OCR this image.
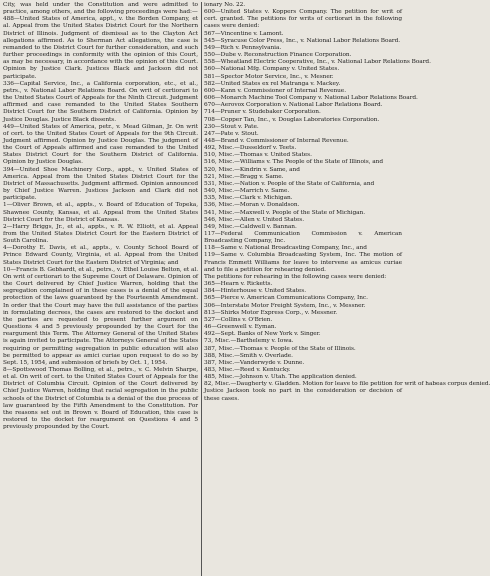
City, was held under the Constitution and were admitted to practice, among others, and the following proceedings were had:—

488—United States of America, appt., v. the Borden Company, et al. Appeal from the United States District Court for the Northern District of Illinois. Judgment of dismissal as to the Clayton Act allegations affirmed. As to Sherman Act allegations, the case is remanded to the District Court for further consideration, and such further proceedings in conformity with the opinion of this Court, as may be necessary, in accordance with the opinion of this Court. Opinion by Justice Clark. Justices Black and Jackson did not participate.

336—Capital Service, Inc., a California corporation, etc., et al., petrs., v. National Labor Relations Board. On writ of certiorari to the United States Court of Appeals for the Ninth Circuit. Judgment affirmed and case remanded to the United States Southern District Court for the Southern District of California. Opinion by Justice Douglas. Justice Black dissents.

449—United States of America, petr., v. Mead Gilman, Jr. On writ of cert. to the United States Court of Appeals for the 9th Circuit. Judgment affirmed. Opinion by Justice Douglas. The judgment of the Court of Appeals affirmed and case remanded to the United States District Court for the Southern District of California. Opinion by Justice Douglas.

394—United Shoe Machinery Corp., appt., v. United States of America. Appeal from the United States District Court for the District of Massachusetts. Judgment affirmed. Opinion announced by Chief Justice Warren. Justices Jackson and Clark did not participate.

1—Oliver Brown, et al., appts., v. Board of Education of Topeka, Shawnee County, Kansas, et al. Appeal from the United States District Court for the District of Kansas.

2—Harry Briggs, Jr., et al., appts., v. R. W. Elliott, et al. Appeal from the United States District Court for the Eastern District of South Carolina.

4—Dorothy E. Davis, et al., appts., v. County School Board of Prince Edward County, Virginia, et al. Appeal from the United States District Court for the Eastern District of Virginia; and

10—Francis B. Gebhardt, et al., petrs., v. Ethel Louise Belton, et al. On writ of certiorari to the Supreme Court of Delaware. Opinion of the Court delivered by Chief Justice Warren, holding that the segregation complained of in these cases is a denial of the equal protection of the laws guaranteed by the Fourteenth Amendment. In order that the Court may have the full assistance of the parties in formulating decrees, the cases are restored to the docket and the parties are requested to present further argument on Questions 4 and 5 previously propounded by the Court for the reargument this Term. The Attorney General of the United States is again invited to participate. The Attorneys General of the States requiring or permitting segregation in public education will also be permitted to appear as amici curiae upon request to do so by Sept. 15, 1954, and submission of briefs by Oct. 1, 1954.

8—Spottswood Thomas Bolling, et al., petrs., v. C. Melvin Sharpe, et al. On writ of cert. to the United States Court of Appeals for the District of Columbia Circuit. Opinion of the Court delivered by Chief Justice Warren, holding that racial segregation in the public schools of the District of Columbia is a denial of the due process of law guaranteed by the Fifth Amendment to the Constitution. For the reasons set out in Brown v. Board of Education, this case is restored to the docket for reargument on Questions 4 and 5 previously propounded by the Court.

ionary No. 22.

600—United States v. Koppers Company. The petition for writ of cert. granted. The petitions for writs of certiorari in the following cases were denied:

567—Vincentine v. Lamont.
545—Syracuse Color Press, Inc., v. National Labor Relations Board.
549—Rich v. Pennsylvania.
550—Dube v. Reconstruction Finance Corporation.
558—Wheatland Electric Cooperative, Inc., v. National Labor Relations Board.
560—National Mfg. Company v. United States.
581—Spector Motor Service, Inc., v. Mesner.
582—United States ex rel Matranga v. Mackey.
600—Kann v. Commissioner of Internal Revenue.
606—Monarch Machine Tool Company v. National Labor Relations Board.
670—Aerovox Corporation v. National Labor Relations Board.
714—Pruner v. Studebaker Corporation.
708—Copper Tan, Inc., v. Douglas Laboratories Corporation.
230—Stout v. Pate.
247—Pate v. Stout.
448—Brand v. Commissioner of Internal Revenue.
492, Misc.—Dusseldorf v. Teets.
510, Misc.—Thomas v. United States.
516, Misc.—Williams v. The People of the State of Illinois, and
520, Misc.—Kindrin v. Same, and
521, Misc.—Bragg v. Same.
531, Misc.—Nation v. People of the State of California, and
540, Misc.—Marrich v. Same.
535, Misc.—Clark v. Michigan.
536, Misc.—Moran v. Donaldson.
541, Misc.—Maxwell v. People of the State of Michigan.
546, Misc.—Allen v. United States.
549, Misc.—Caldwell v. Bannan.

117—Federal Communication Commission v. American Broadcasting Company, Inc.

118—Same v. National Broadcasting Company, Inc., and

119—Same v. Columbia Broadcasting System, Inc. The motion of Francis Emmett Williams for leave to intervene as amicus curiae and to file a petition for rehearing denied.

The petitions for rehearing in the following cases were denied:

365—Hearn v. Ricketts.

384—Hinterhouse v. United States.

565—Pierce v. American Communications Company, Inc.

306—Interstate Motor Freight System, Inc., v. Messner.

813—Shirks Motor Express Corp., v. Messner.

527—Collins v. O'Brien.
46—Greenwell v. Eyman.
492—Sept. Banks of New York v. Singer.
73, Misc.—Barthelemy v. Iowa.
387, Misc.—Thomas v. People of the State of Illinois.
388, Misc.—Smith v. Overlade.
387, Misc.—Vanderwyde v. Dunne.
483, Misc.—Reed v. Kentucky.
485, Misc.—Johnson v. Utah. The application denied.
82, Misc.—Daugherty v. Gladden. Motion for leave to file petition for writ of habeas corpus denied.

Justice Jackson took no part in the consideration or decision of these cases.
